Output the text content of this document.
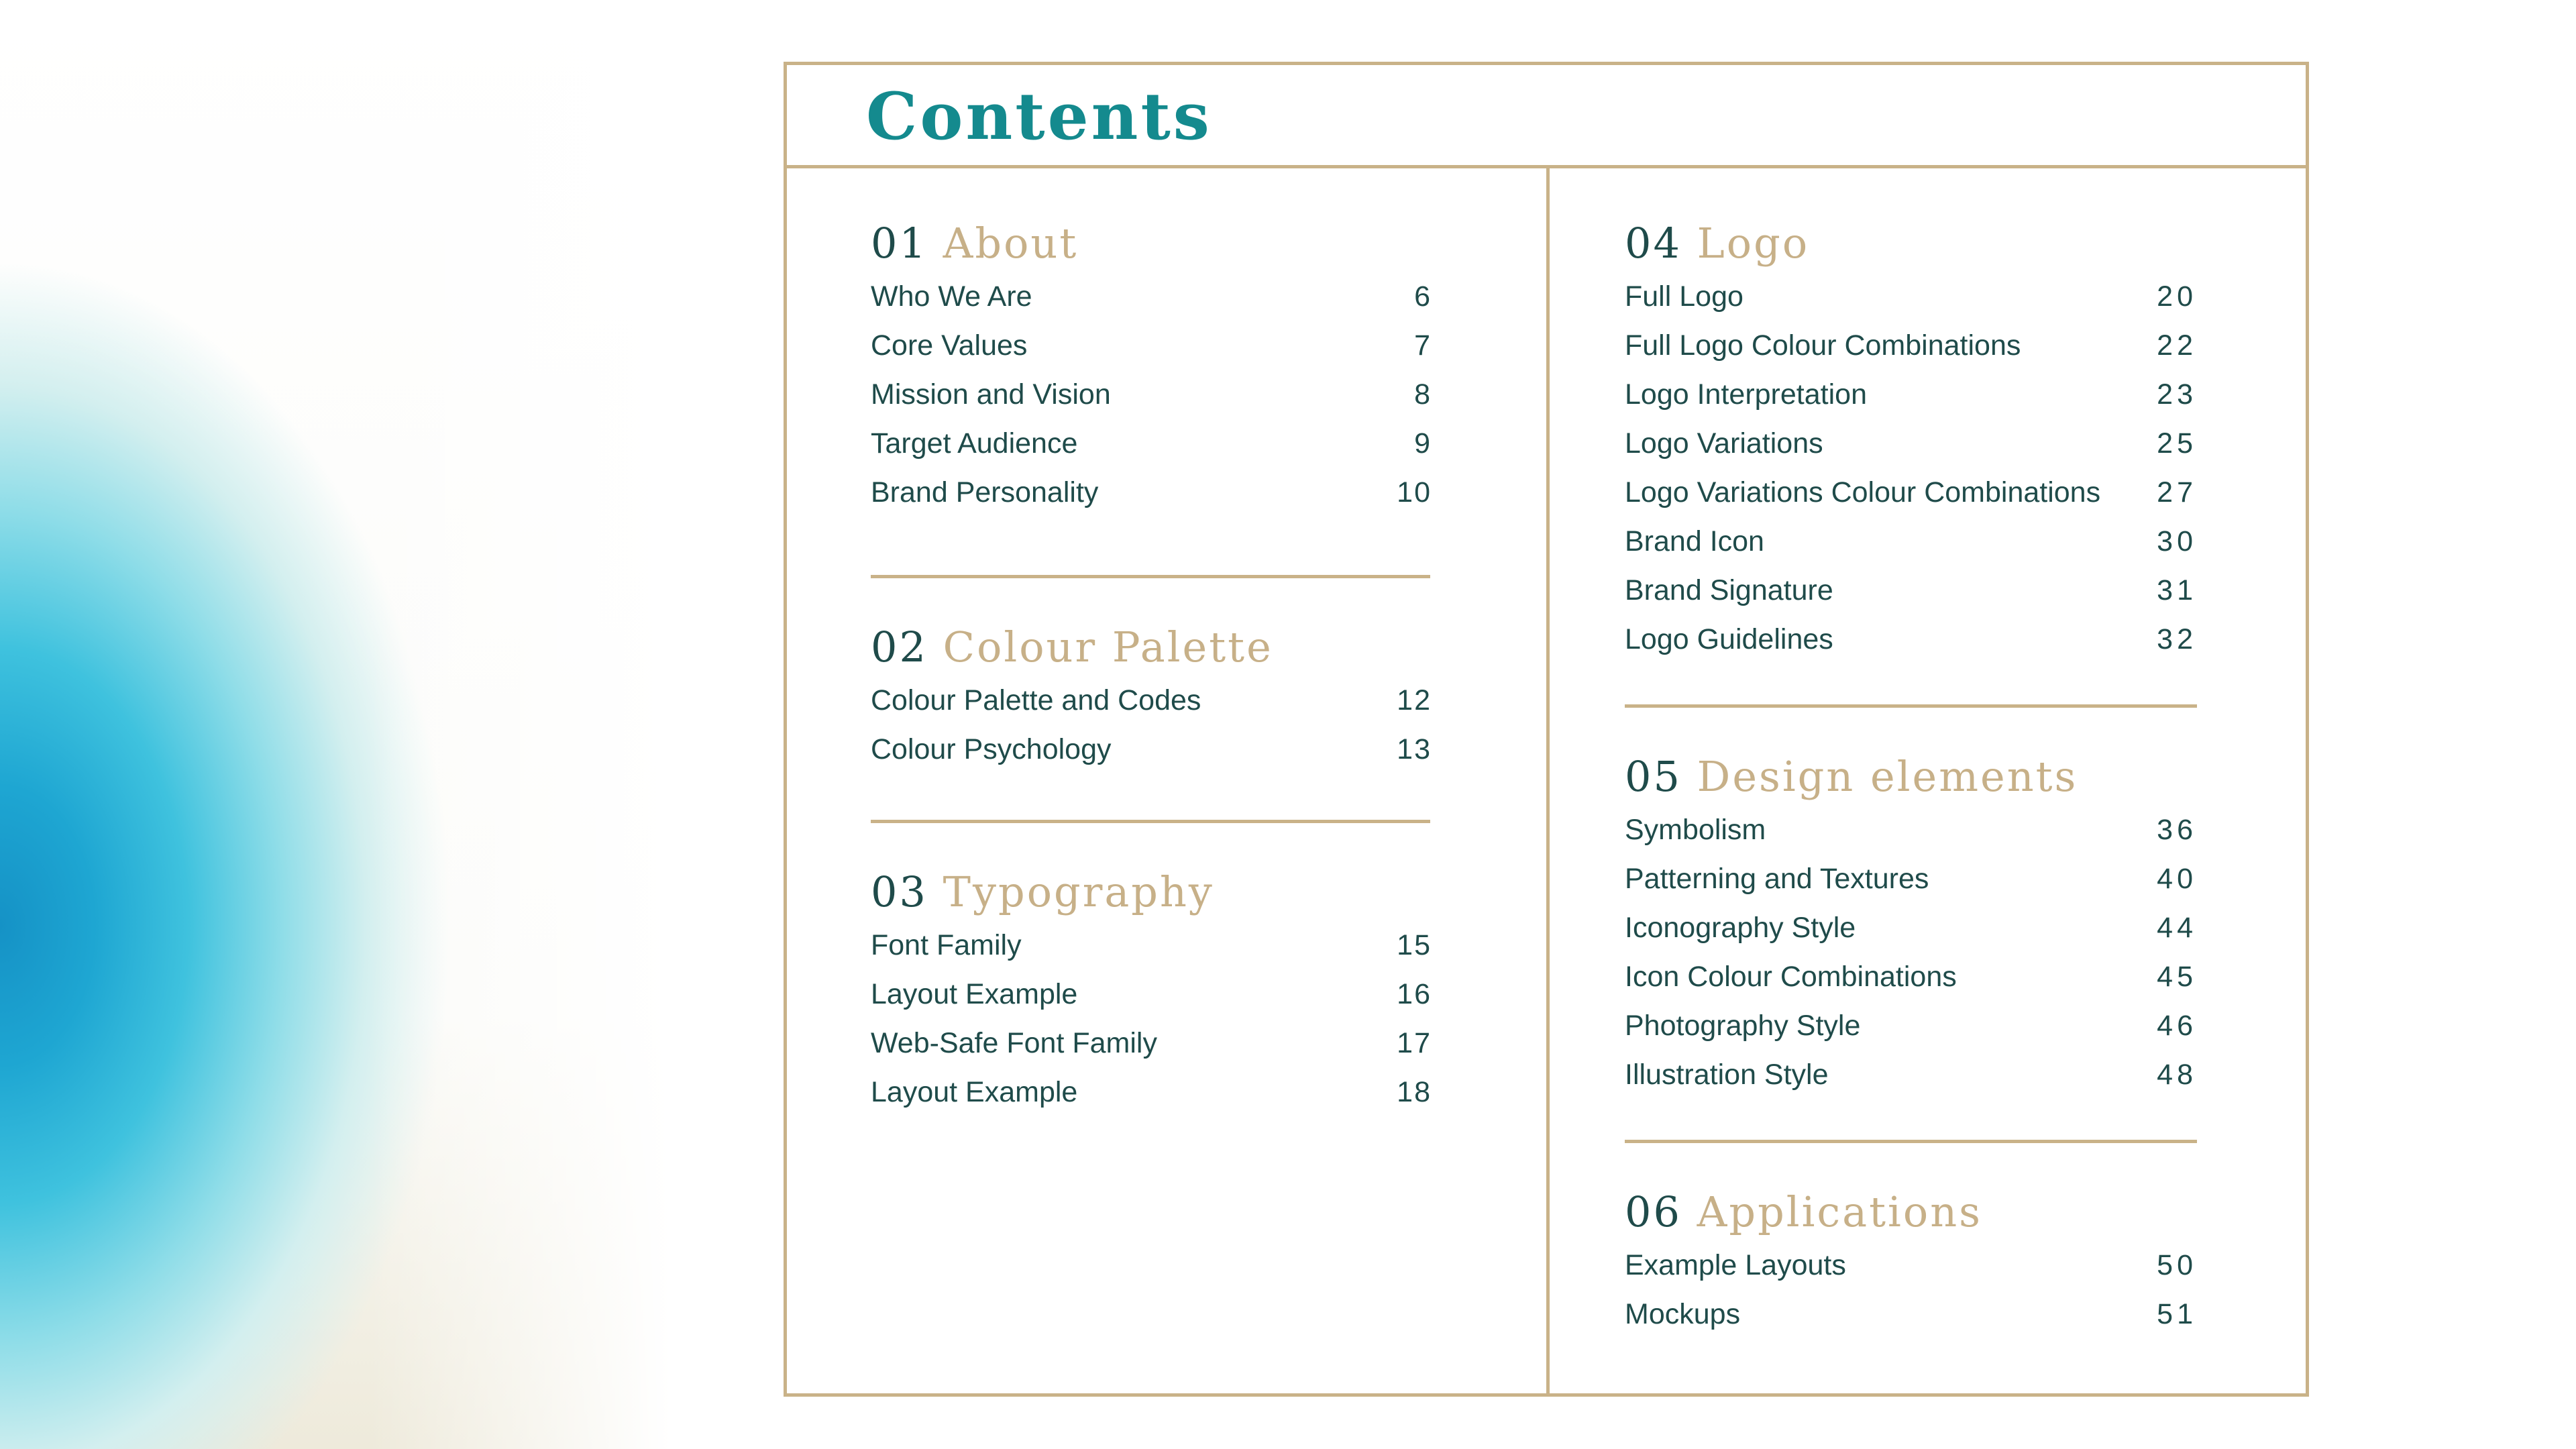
Contents
01 About
Who We Are	6
Core Values	7
Mission and Vision	8
Target Audience	9
Brand Personality	10
02 Colour Palette
Colour Palette and Codes	12
Colour Psychology	13
03 Typography
Font Family	15
Layout Example	16
Web-Safe Font Family	17
Layout Example	18
04 Logo
Full Logo	20
Full Logo Colour Combinations	22
Logo Interpretation	23
Logo Variations	25
Logo Variations Colour Combinations 27
Brand Icon	30
Brand Signature	31
Logo Guidelines	32
05 Design elements
Symbolism	36
Patterning and Textures	40
Iconography Style	44
Icon Colour Combinations	45
Photography Style	46
Illustration Style	48
06 Applications
Example Layouts	50
Mockups	51
